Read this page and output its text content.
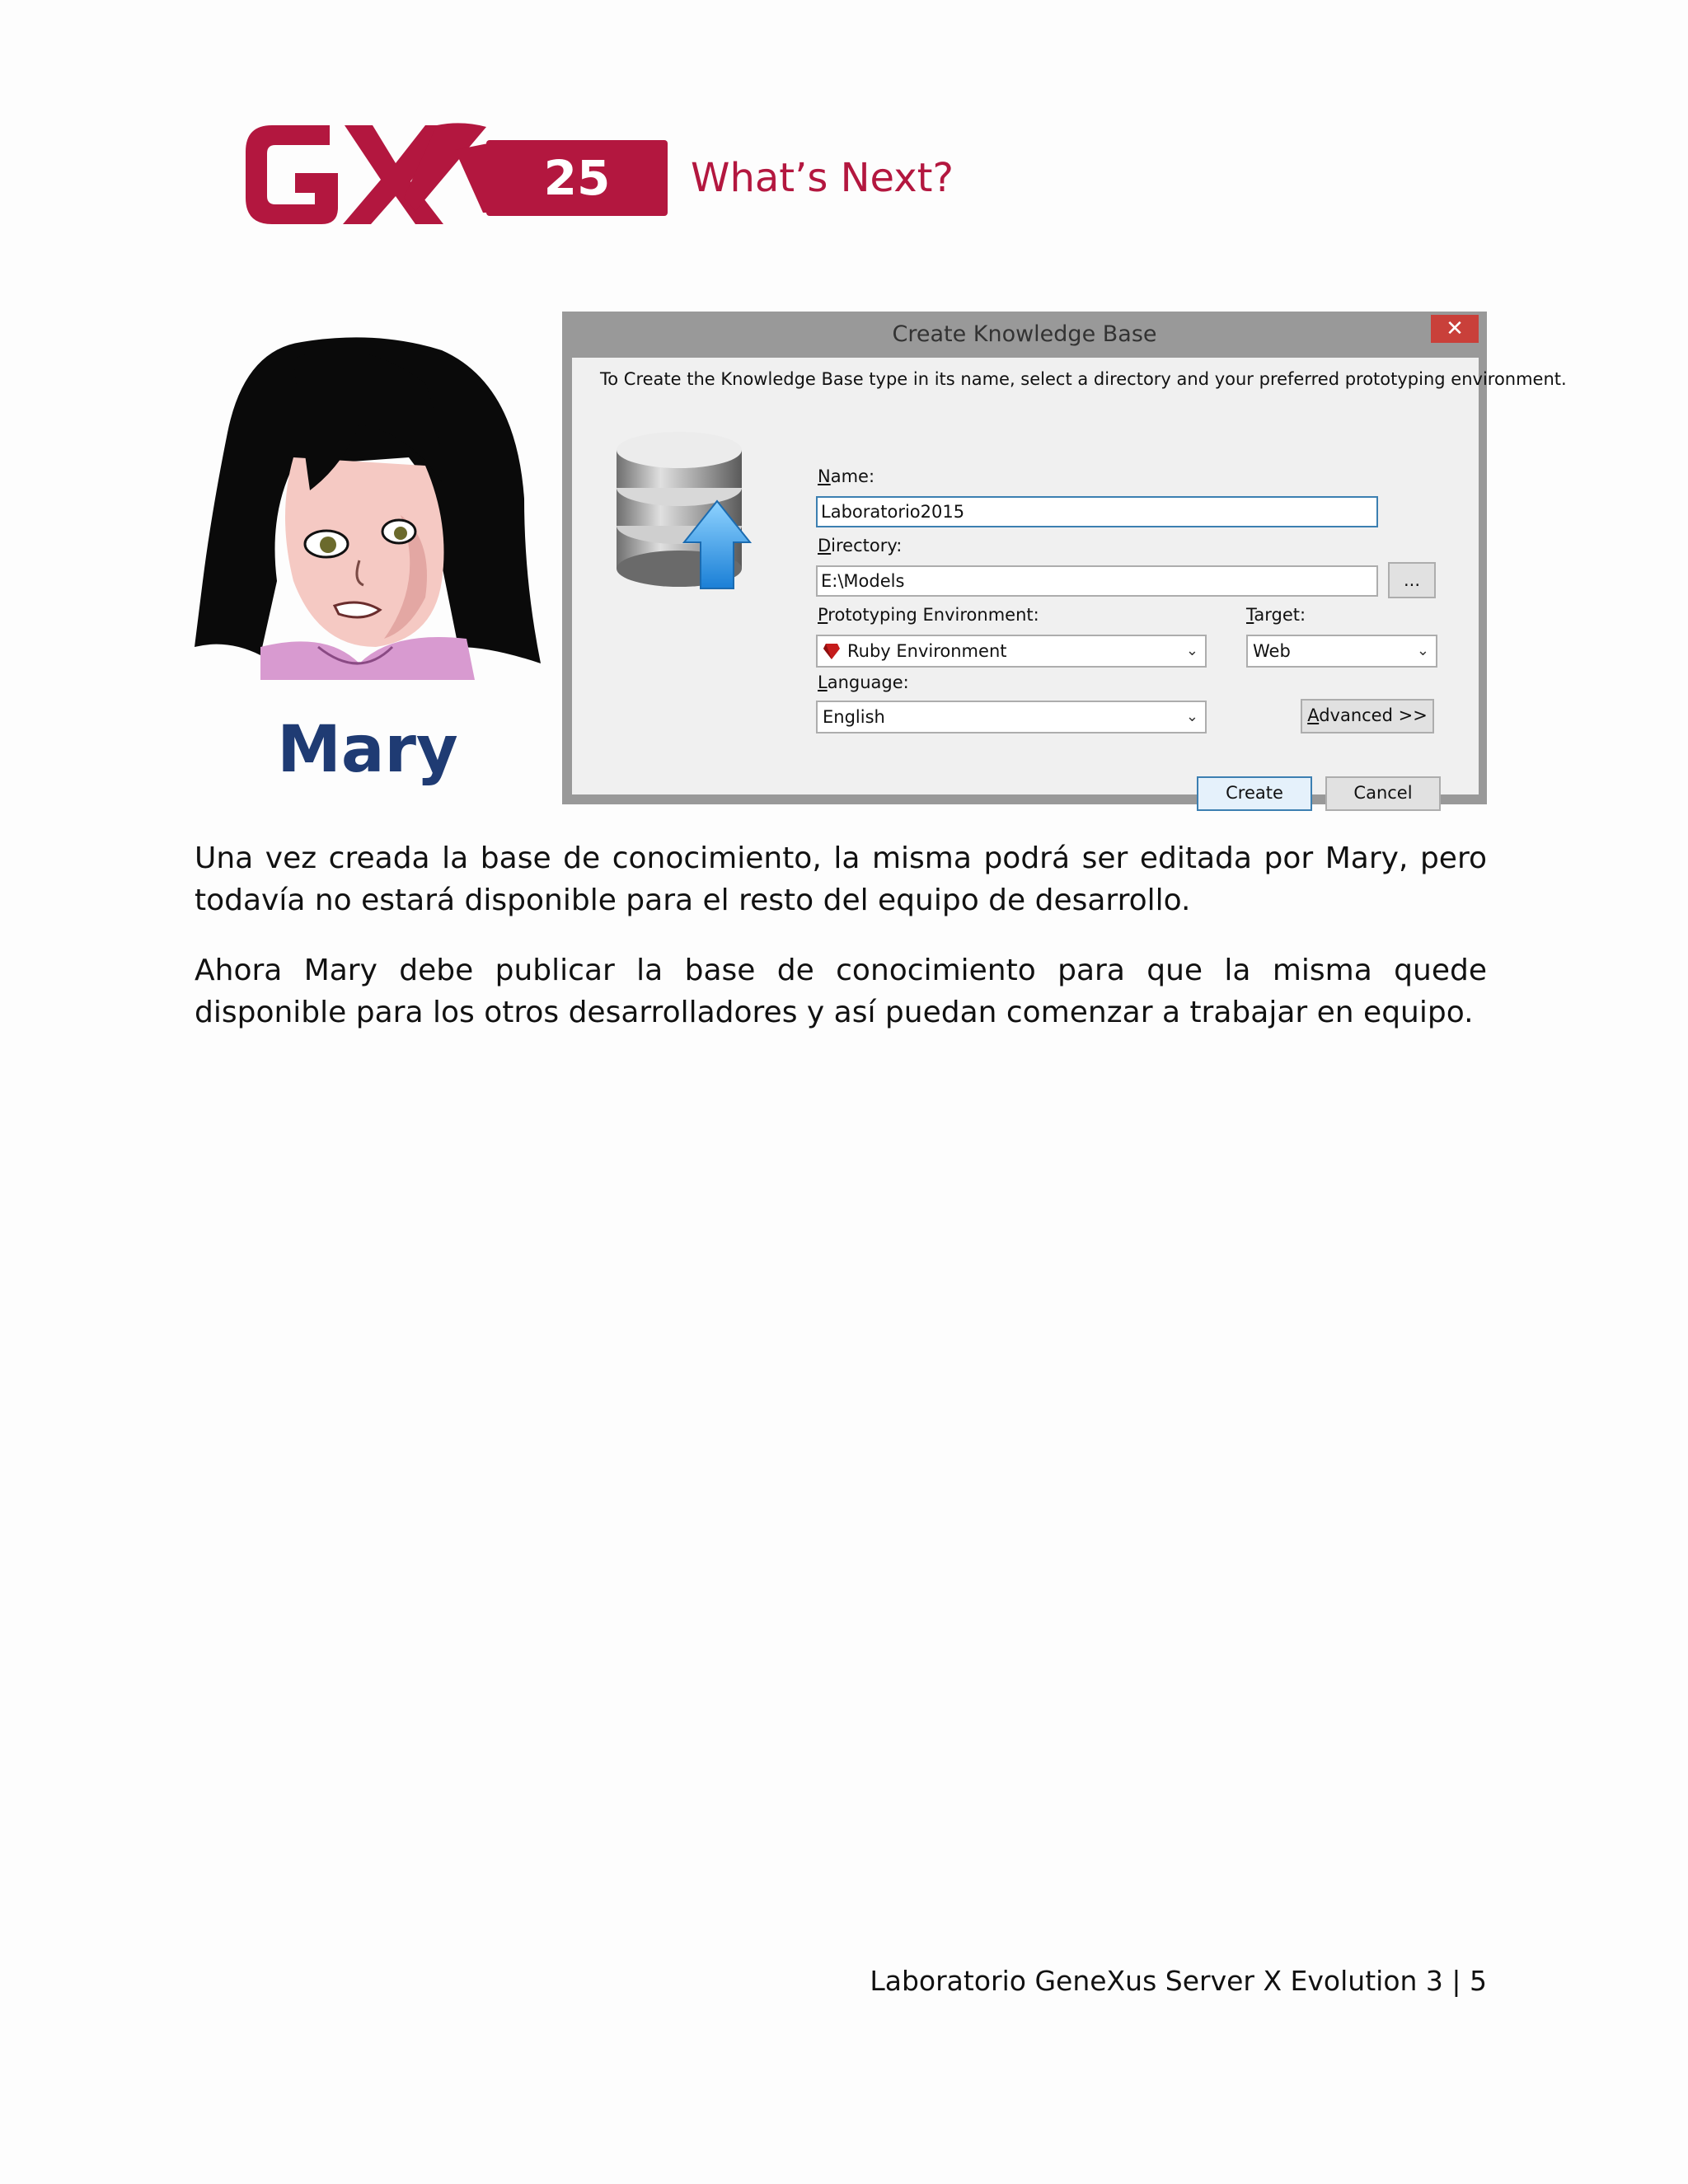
25	What’s Next?
Mary
Create Knowledge Base	✕
To Create the Knowledge Base type in its name, select a directory and your preferred prototyping environment.
Name:
Laboratorio2015
Directory:
E:\Models	...
Prototyping Environment:
Ruby Environment	⌄
Target:
Web	⌄
Language:
English	⌄	Advanced >>
Create	Cancel
Una vez creada la base de conocimiento, la misma podrá ser editada por Mary, pero todavía no estará disponible para el resto del equipo de desarrollo.
Ahora Mary debe publicar la base de conocimiento para que la misma quede disponible para los otros desarrolladores y así puedan comenzar a trabajar en equipo.
Laboratorio GeneXus Server X Evolution 3 | 5
